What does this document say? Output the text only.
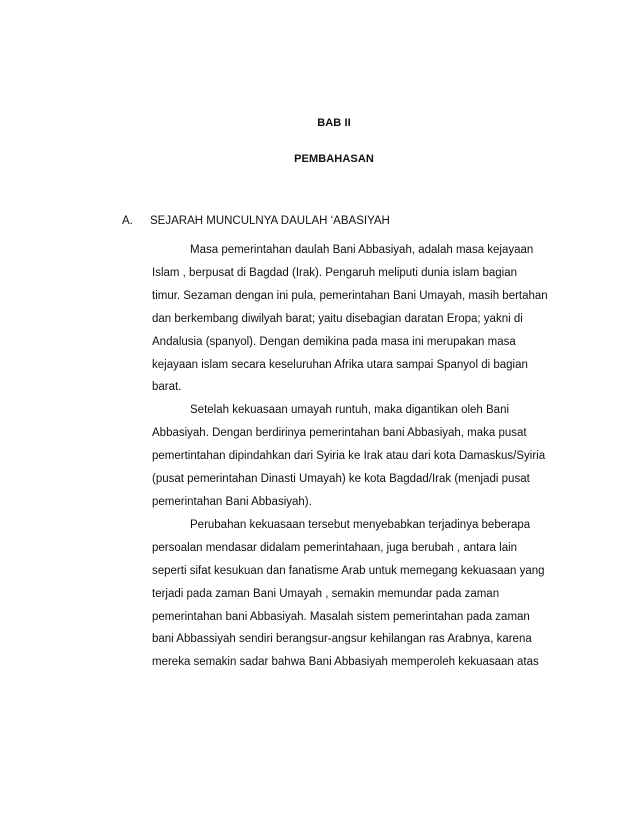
BAB II
PEMBAHASAN
A. SEJARAH MUNCULNYA DAULAH ‘ABASIYAH

Masa pemerintahan daulah Bani Abbasiyah, adalah masa kejayaan
Islam , berpusat di Bagdad (Irak). Pengaruh meliputi dunia islam bagian
timur. Sezaman dengan ini pula, pemerintahan Bani Umayah, masih bertahan
dan berkembang diwilyah barat; yaitu disebagian daratan Eropa; yakni di
Andalusia (spanyol). Dengan demikina pada masa ini merupakan masa
kejayaan islam secara keseluruhan Afrika utara sampai Spanyol di bagian
barat.

Setelah kekuasaan umayah runtuh, maka digantikan oleh Bani
Abbasiyah. Dengan berdirinya pemerintahan bani Abbasiyah, maka pusat
pemertintahan dipindahkan dari Syiria ke Irak atau dari kota Damaskus/Syiria
(pusat pemerintahan Dinasti Umayah) ke kota Bagdad/Irak (menjadi pusat
pemerintahan Bani Abbasiyah).

Perubahan kekuasaan tersebut menyebabkan terjadinya beberapa
persoalan mendasar didalam pemerintahaan, juga berubah , antara lain
seperti sifat kesukuan dan fanatisme Arab untuk memegang kekuasaan yang
terjadi pada zaman Bani Umayah , semakin memundar pada zaman
pemerintahan bani Abbasiyah. Masalah sistem pemerintahan pada zaman
bani Abbassiyah sendiri berangsur-angsur kehilangan ras Arabnya, karena
mereka semakin sadar bahwa Bani Abbasiyah memperoleh kekuasaan atas
